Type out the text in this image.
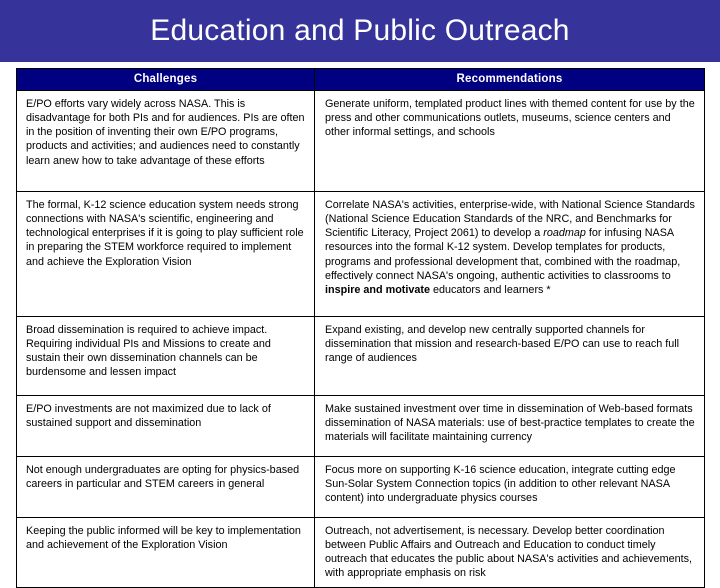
Education and Public Outreach
Challenges	Recommendations
E/PO efforts vary widely across NASA. This is disadvantage for both PIs and for audiences. PIs are often in the position of inventing their own E/PO programs, products and activities; and audiences need to constantly learn anew how to take advantage of these efforts	Generate uniform, templated product lines with themed content for use by the press and other communications outlets, museums, science centers and other informal settings, and schools
The formal, K-12 science education system needs strong connections with NASA's scientific, engineering and technological enterprises if it is going to play sufficient role in preparing the STEM workforce required to implement and achieve the Exploration Vision	Correlate NASA's activities, enterprise-wide, with National Science Standards (National Science Education Standards of the NRC, and Benchmarks for Scientific Literacy, Project 2061) to develop a roadmap for infusing NASA resources into the formal K-12 system. Develop templates for products, programs and professional development that, combined with the roadmap, effectively connect NASA's ongoing, authentic activities to classrooms to inspire and motivate educators and learners *
Broad dissemination is required to achieve impact. Requiring individual PIs and Missions to create and sustain their own dissemination channels can be burdensome and lessen impact	Expand existing, and develop new centrally supported channels for dissemination that mission and research-based E/PO can use to reach full range of audiences
E/PO investments are not maximized due to lack of sustained support and dissemination	Make sustained investment over time in dissemination of Web-based formats dissemination of NASA materials: use of best-practice templates to create the materials will facilitate maintaining currency
Not enough undergraduates are opting for physics-based careers in particular and STEM careers in general	Focus more on supporting K-16 science education, integrate cutting edge Sun-Solar System Connection topics (in addition to other relevant NASA content) into undergraduate physics courses
Keeping the public informed will be key to implementation and achievement of the Exploration Vision	Outreach, not advertisement, is necessary. Develop better coordination between Public Affairs and Outreach and Education to conduct timely outreach that educates the public about NASA's activities and achievements, with appropriate emphasis on risk
